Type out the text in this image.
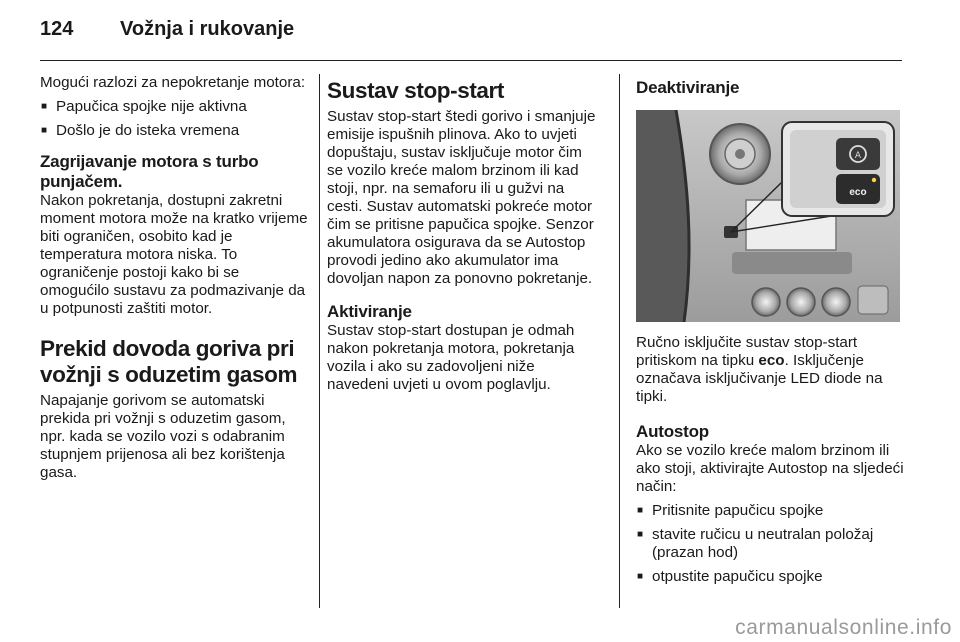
124 Vožnja i rukovanje

Mogući razlozi za nepokretanje motora:

■ Papučica spojke nije aktivna
■ Došlo je do isteka vremena
Zagrijavanje motora s turbo punjačem.

Nakon pokretanja, dostupni zakretni moment motora može na kratko vrijeme biti ograničen, osobito kad je temperatura motora niska. To ograničenje postoji kako bi se omogućilo sustavu za podmazivanje da u potpunosti zaštiti motor.

Prekid dovoda goriva pri vožnji s oduzetim gasom

Napajanje gorivom se automatski prekida pri vožnji s oduzetim gasom, npr. kada se vozilo vozi s odabranim stupnjem prijenosa ali bez korištenja gasa.

Sustav stop-start

Sustav stop-start štedi gorivo i smanjuje emisije ispušnih plinova. Ako to uvjeti dopuštaju, sustav isključuje motor čim se vozilo kreće malom brzinom ili kad stoji, npr. na semaforu ili u gužvi na cesti. Sustav automatski pokreće motor čim se pritisne papučica spojke. Senzor akumulatora osigurava da se Autostop provodi jedino ako akumulator ima dovoljan napon za ponovno pokretanje.

Aktiviranje

Sustav stop-start dostupan je odmah nakon pokretanja motora, pokretanja vozila i ako su zadovoljeni niže navedeni uvjeti u ovom poglavlju.

Deaktiviranje
A
eco

Ručno isključite sustav stop-start pritiskom na tipku eco. Isključenje označava isključivanje LED diode na tipki.

Autostop

Ako se vozilo kreće malom brzinom ili ako stoji, aktivirajte Autostop na sljedeći način:

■ Pritisnite papučicu spojke
■ stavite ručicu u neutralan položaj (prazan hod)
■ otpustite papučicu spojke
carmanualsonline.info
